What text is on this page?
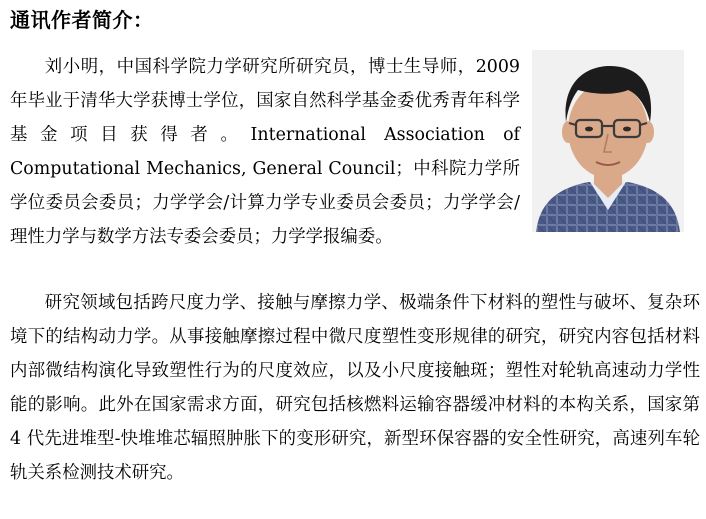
通讯作者简介：

刘小明，中国科学院力学研究所研究员，博士生导师，2009 年毕业于清华大学获博士学位，国家自然科学基金委优秀青年科学基金项目获得者。International Association of Computational Mechanics, General Council；中科院力学所学位委员会委员；力学学会/计算力学专业委员会委员；力学学会/理性力学与数学方法专委会委员；力学学报编委。

研究领域包括跨尺度力学、接触与摩擦力学、极端条件下材料的塑性与破坏、复杂环境下的结构动力学。从事接触摩擦过程中微尺度塑性变形规律的研究，研究内容包括材料内部微结构演化导致塑性行为的尺度效应，以及小尺度接触斑；塑性对轮轨高速动力学性能的影响。此外在国家需求方面，研究包括核燃料运输容器缓冲材料的本构关系，国家第 4 代先进堆型-快堆堆芯辐照肿胀下的变形研究，新型环保容器的安全性研究，高速列车轮轨关系检测技术研究。
